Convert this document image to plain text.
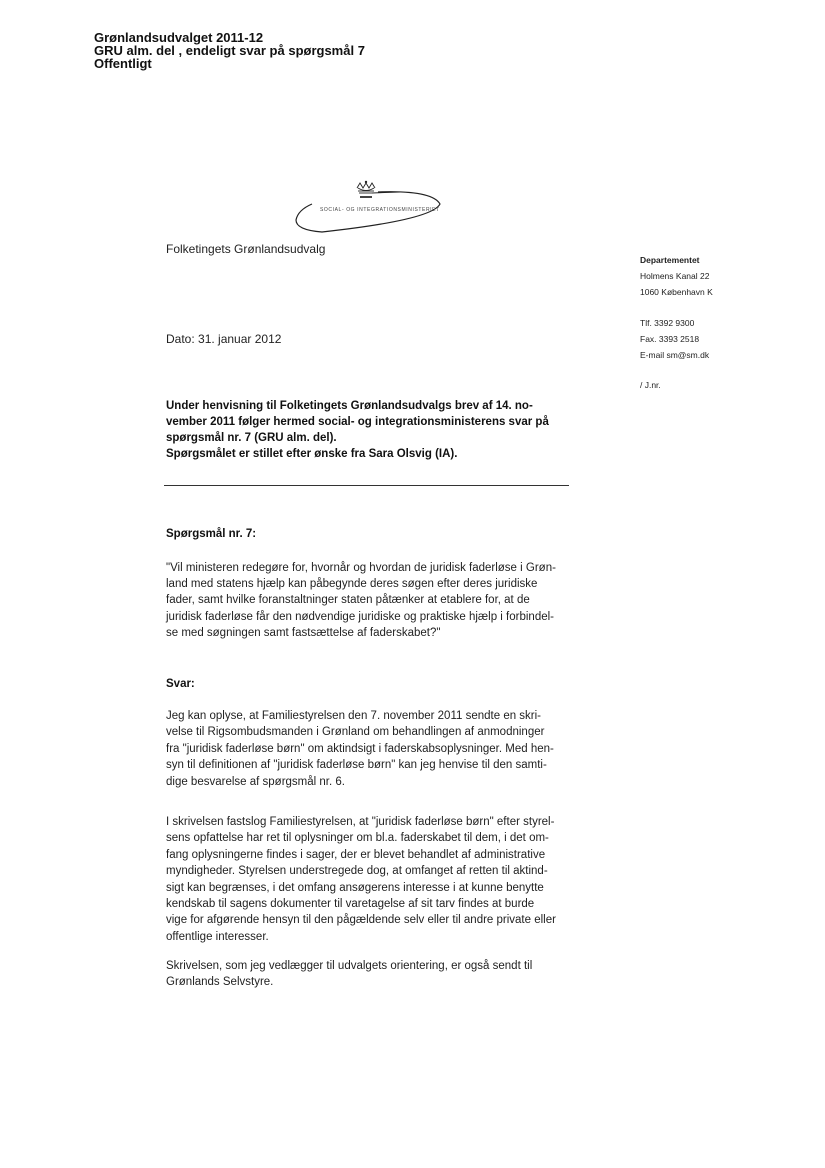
Grønlandsudvalget 2011-12
GRU alm. del , endeligt svar på spørgsmål 7
Offentligt
SOCIAL- OG INTEGRATIONSMINISTERIET
Folketingets Grønlandsudvalg
Dato: 31. januar 2012
Departementet
Holmens Kanal 22
1060 København K
Tlf. 3392 9300
Fax. 3393 2518
E-mail sm@sm.dk
/ J.nr.
Under henvisning til Folketingets Grønlandsudvalgs brev af 14. no-
vember 2011 følger hermed social- og integrationsministerens svar på
spørgsmål nr. 7 (GRU alm. del).
Spørgsmålet er stillet efter ønske fra Sara Olsvig (IA).
Spørgsmål nr. 7:
"Vil ministeren redegøre for, hvornår og hvordan de juridisk faderløse i Grøn-
land med statens hjælp kan påbegynde deres søgen efter deres juridiske
fader, samt hvilke foranstaltninger staten påtænker at etablere for, at de
juridisk faderløse får den nødvendige juridiske og praktiske hjælp i forbindel-
se med søgningen samt fastsættelse af faderskabet?"
Svar:
Jeg kan oplyse, at Familiestyrelsen den 7. november 2011 sendte en skri-
velse til Rigsombudsmanden i Grønland om behandlingen af anmodninger
fra "juridisk faderløse børn" om aktindsigt i faderskabsoplysninger. Med hen-
syn til definitionen af "juridisk faderløse børn" kan jeg henvise til den samti-
dige besvarelse af spørgsmål nr. 6.
I skrivelsen fastslog Familiestyrelsen, at "juridisk faderløse børn" efter styrel-
sens opfattelse har ret til oplysninger om bl.a. faderskabet til dem, i det om-
fang oplysningerne findes i sager, der er blevet behandlet af administrative
myndigheder. Styrelsen understregede dog, at omfanget af retten til aktind-
sigt kan begrænses, i det omfang ansøgerens interesse i at kunne benytte
kendskab til sagens dokumenter til varetagelse af sit tarv findes at burde
vige for afgørende hensyn til den pågældende selv eller til andre private eller
offentlige interesser.
Skrivelsen, som jeg vedlægger til udvalgets orientering, er også sendt til
Grønlands Selvstyre.
